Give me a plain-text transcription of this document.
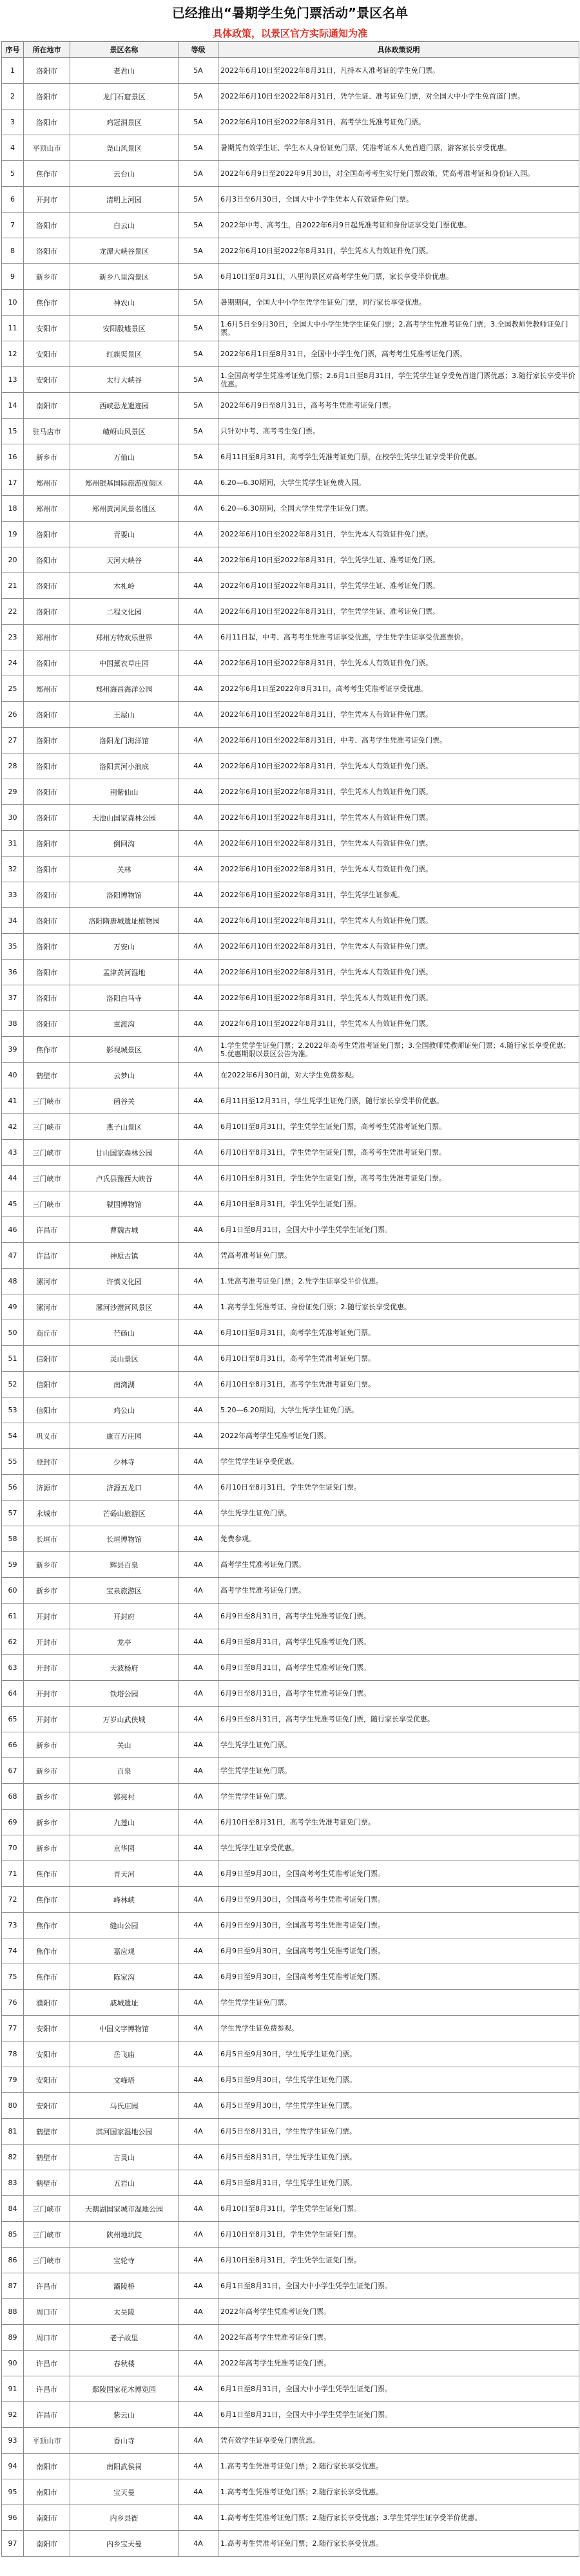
已经推出“暑期学生免门票活动”景区名单
具体政策，以景区官方实际通知为准
序号	所在地市	景区名称	等级	具体政策说明
1	洛阳市	老君山	5A	2022年6月10日至2022年8月31日，凡持本人准考证的学生免门票。
2	洛阳市	龙门石窟景区	5A	2022年6月10日至2022年8月31日，凭学生证、准考证免门票，对全国大中小学生免首道门票。
3	洛阳市	鸡冠洞景区	5A	2022年6月10日至2022年8月31日，高考学生凭准考证免门票。
4	平顶山市	尧山风景区	5A	暑期凭有效学生证、学生本人身份证免门票，凭准考证本人免首道门票，游客家长享受优惠。
5	焦作市	云台山	5A	2022年6月9日至2022年9月30日，对全国高考考生实行免门票政策，凭高考准考证和身份证入园。
6	开封市	清明上河园	5A	6月3日至6月30日，全国大中小学生凭本人有效证件免门票。
7	洛阳市	白云山	5A	2022年中考、高考生，自2022年6月9日起凭准考证和身份证享受免门票优惠。
8	洛阳市	龙潭大峡谷景区	5A	2022年6月10日至2022年8月31日，学生凭本人有效证件免门票。
9	新乡市	新乡八里沟景区	5A	6月10日至8月31日，八里沟景区对高考学生免门票，家长享受半价优惠。
10	焦作市	神农山	5A	暑期期间，全国大中小学生凭学生证免门票，同行家长享受优惠。
11	安阳市	安阳殷墟景区	5A	1.6月5日至9月30日，全国大中小学生凭学生证免门票；2.高考学生凭准考证免门票；3.全国教师凭教师证免门票。
12	安阳市	红旗渠景区	5A	2022年6月1日至8月31日，全国中小学生免门票，高考考生凭准考证免门票。
13	安阳市	太行大峡谷	5A	1.全国高考学生凭准考证免门票；2.6月1日至8月31日，学生凭学生证享受免首道门票优惠；3.随行家长享受半价优惠。
14	南阳市	西峡恐龙遗迹园	5A	2022年6月9日至8月31日，高考考生凭准考证免门票。
15	驻马店市	嵖岈山风景区	5A	只针对中考、高考考生免门票。
16	新乡市	万仙山	5A	6月11日至8月31日，高考学生凭准考证免门票，在校学生凭学生证享受半价优惠。
17	郑州市	郑州银基国际旅游度假区	4A	6.20—6.30期间，大学生凭学生证免费入园。
18	郑州市	郑州黄河风景名胜区	4A	6.20—6.30期间，全国大学生凭学生证免门票。
19	洛阳市	青要山	4A	2022年6月10日至2022年8月31日，学生凭本人有效证件免门票。
20	洛阳市	天河大峡谷	4A	2022年6月10日至2022年8月31日，学生凭学生证、准考证免门票。
21	洛阳市	木札岭	4A	2022年6月10日至2022年8月31日，学生凭学生证、准考证免门票。
22	洛阳市	二程文化园	4A	2022年6月10日至2022年8月31日，学生凭学生证、准考证免门票。
23	郑州市	郑州方特欢乐世界	4A	6月11日起，中考、高考考生凭准考证享受优惠，学生凭学生证享受优惠票价。
24	洛阳市	中国薰衣草庄园	4A	2022年6月10日至2022年8月31日，学生凭本人有效证件免门票。
25	郑州市	郑州海昌海洋公园	4A	2022年6月1日至2022年8月31日，高考考生凭准考证享受优惠。
26	洛阳市	王屋山	4A	2022年6月10日至2022年8月31日，学生凭本人有效证件免门票。
27	洛阳市	洛阳龙门海洋馆	4A	2022年6月10日至2022年8月31日，中考、高考学生凭准考证免门票。
28	洛阳市	洛阳黄河小浪底	4A	2022年6月10日至2022年8月31日，学生凭本人有效证件免门票。
29	洛阳市	荆紫仙山	4A	2022年6月10日至2022年8月31日，学生凭本人有效证件免门票。
30	洛阳市	天池山国家森林公园	4A	2022年6月10日至2022年8月31日，学生凭本人有效证件免门票。
31	洛阳市	倒回沟	4A	2022年6月10日至2022年8月31日，学生凭本人有效证件免门票。
32	洛阳市	关林	4A	2022年6月10日至2022年8月31日，学生凭本人有效证件免门票。
33	洛阳市	洛阳博物馆	4A	2022年6月10日至2022年8月31日，学生凭学生证参观。
34	洛阳市	洛阳隋唐城遗址植物园	4A	2022年6月10日至2022年8月31日，学生凭本人有效证件免门票。
35	洛阳市	万安山	4A	2022年6月10日至2022年8月31日，学生凭本人有效证件免门票。
36	洛阳市	孟津黄河湿地	4A	2022年6月10日至2022年8月31日，学生凭本人有效证件免门票。
37	洛阳市	洛阳白马寺	4A	2022年6月10日至2022年8月31日，学生凭本人有效证件免门票。
38	洛阳市	重渡沟	4A	2022年6月10日至2022年8月31日，学生凭本人有效证件免门票。
39	焦作市	影视城景区	4A	1.学生凭学生证免门票；2.2022年高考生凭准考证免门票；3.全国教师凭教师证免门票；4.随行家长享受优惠；5.优惠期限以景区公告为准。
40	鹤壁市	云梦山	4A	在2022年6月30日前，对大学生免费参观。
41	三门峡市	函谷关	4A	6月11日至12月31日，学生凭学生证免门票，随行家长享受半价优惠。
42	三门峡市	燕子山景区	4A	6月10日至8月31日，学生凭学生证免门票，高考考生凭准考证免门票。
43	三门峡市	甘山国家森林公园	4A	6月10日至8月31日，学生凭学生证免门票，高考考生凭准考证免门票。
44	三门峡市	卢氏县豫西大峡谷	4A	6月10日至8月31日，学生凭学生证免门票，高考考生凭准考证免门票。
45	三门峡市	虢国博物馆	4A	6月10日至8月31日，学生凭学生证免门票。
46	许昌市	曹魏古城	4A	6月1日至8月31日，全国大中小学生凭学生证免门票。
47	许昌市	神垕古镇	4A	凭高考准考证免门票。
48	漯河市	许慎文化园	4A	1.凭高考准考证免门票；2.凭学生证享受半价优惠。
49	漯河市	漯河沙澧河风景区	4A	1.高考学生凭准考证、身份证免门票；2.随行家长享受优惠。
50	商丘市	芒砀山	4A	6月10日至8月31日，高考学生凭准考证免门票。
51	信阳市	灵山景区	4A	6月10日至8月31日，高考学生凭准考证免门票。
52	信阳市	南湾湖	4A	6月10日至8月31日，高考学生凭准考证免门票。
53	信阳市	鸡公山	4A	5.20—6.20期间，大学生凭学生证免门票。
54	巩义市	康百万庄园	4A	2022年高考学生凭准考证免门票。
55	登封市	少林寺	4A	学生凭学生证享受优惠。
56	济源市	济源五龙口	4A	6月10日至8月31日，学生凭学生证免门票。
57	永城市	芒砀山旅游区	4A	学生凭学生证免门票。
58	长垣市	长垣博物馆	4A	免费参观。
59	新乡市	辉县百泉	4A	高考学生凭准考证免门票。
60	新乡市	宝泉旅游区	4A	高考学生凭准考证免门票。
61	开封市	开封府	4A	6月9日至8月31日，高考学生凭准考证免门票。
62	开封市	龙亭	4A	6月9日至8月31日，高考学生凭准考证免门票。
63	开封市	天波杨府	4A	6月9日至8月31日，高考学生凭准考证免门票。
64	开封市	铁塔公园	4A	6月9日至8月31日，高考学生凭准考证免门票。
65	开封市	万岁山武侠城	4A	6月9日至8月31日，高考学生凭准考证免门票，随行家长享受优惠。
66	新乡市	关山	4A	学生凭学生证免门票。
67	新乡市	百泉	4A	学生凭学生证免门票。
68	新乡市	郭亮村	4A	学生凭学生证免门票。
69	新乡市	九莲山	4A	6月10日至8月31日，高考学生凭准考证免门票。
70	新乡市	京华园	4A	学生凭学生证享受优惠。
71	焦作市	青天河	4A	6月9日至9月30日，全国高考考生凭准考证免门票。
72	焦作市	峰林峡	4A	6月9日至9月30日，全国高考考生凭准考证免门票。
73	焦作市	缝山公园	4A	6月9日至9月30日，全国高考考生凭准考证免门票。
74	焦作市	嘉应观	4A	6月9日至9月30日，全国高考考生凭准考证免门票。
75	焦作市	陈家沟	4A	6月9日至9月30日，全国高考考生凭准考证免门票。
76	濮阳市	戚城遗址	4A	学生凭学生证免门票。
77	安阳市	中国文字博物馆	4A	学生凭学生证免费参观。
78	安阳市	岳飞庙	4A	6月5日至9月30日，学生凭学生证免门票。
79	安阳市	文峰塔	4A	6月5日至9月30日，学生凭学生证免门票。
80	安阳市	马氏庄园	4A	6月5日至9月30日，学生凭学生证免门票。
81	鹤壁市	淇河国家湿地公园	4A	6月5日至8月31日，学生凭学生证免门票。
82	鹤壁市	古灵山	4A	6月5日至8月31日，学生凭学生证免门票。
83	鹤壁市	五岩山	4A	6月5日至8月31日，学生凭学生证免门票。
84	三门峡市	天鹅湖国家城市湿地公园	4A	6月10日至8月31日，学生凭学生证免门票。
85	三门峡市	陕州地坑院	4A	6月10日至8月31日，学生凭学生证免门票。
86	三门峡市	宝轮寺	4A	6月10日至8月31日，学生凭学生证免门票。
87	许昌市	灞陵桥	4A	6月1日至8月31日，全国大中小学生凭学生证免门票。
88	周口市	太昊陵	4A	2022年高考学生凭准考证免门票。
89	周口市	老子故里	4A	2022年高考学生凭准考证免门票。
90	许昌市	春秋楼	4A	2022年高考学生凭准考证免门票。
91	许昌市	鄢陵国家花木博览园	4A	6月1日至8月31日，全国大中小学生凭学生证免门票。
92	许昌市	紫云山	4A	6月1日至8月31日，全国大中小学生凭学生证免门票。
93	平顶山市	香山寺	4A	凭有效学生证享受免门票优惠。
94	南阳市	南阳武侯祠	4A	1.高考考生凭准考证免门票；2.随行家长享受优惠。
95	南阳市	宝天曼	4A	1.高考考生凭准考证免门票；2.随行家长享受优惠。
96	南阳市	内乡县衙	4A	1.高考考生凭准考证免门票；2.随行家长享受优惠；3.学生凭学生证享受半价优惠。
97	南阳市	内乡宝天曼	4A	1.高考考生凭准考证免门票；2.随行家长享受优惠。
